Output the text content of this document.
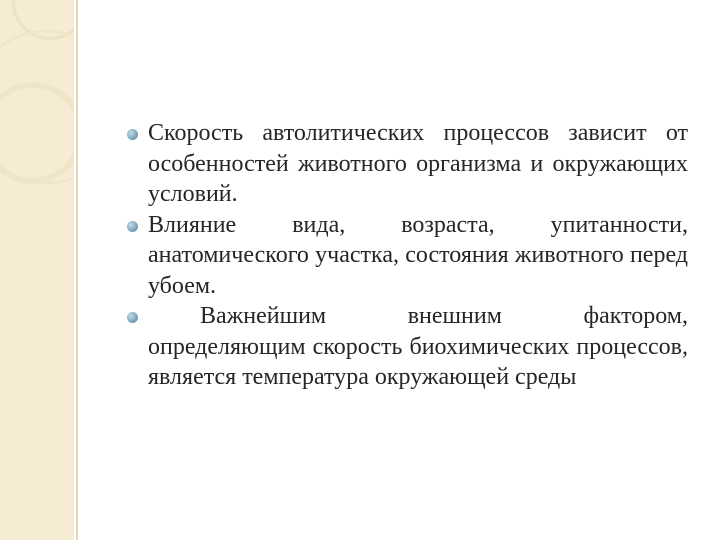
Скорость автолитических процессов зависит от особенностей животного организма и окружающих условий.
Влияние вида, возраста, упитанности, анатомического участка, состояния животного перед убоем.
Важнейшим внешним фактором, определяющим скорость биохимических процессов, является температура окружающей среды
